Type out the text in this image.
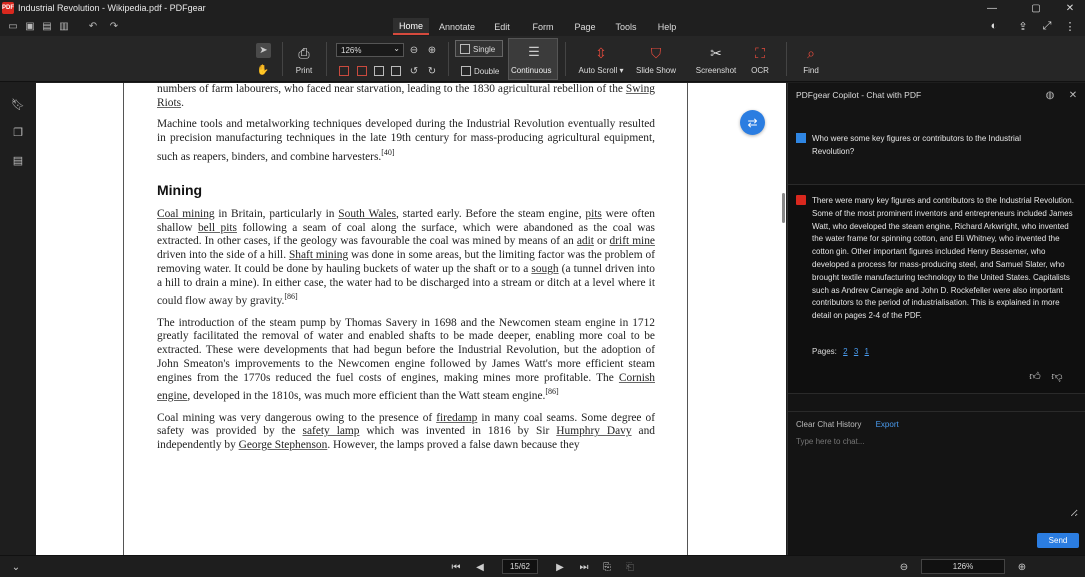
PDF Industrial Revolution - Wikipedia.pdf - PDFgear	—	▢	✕
▭ ▣ ▤ ▥ ↶ ↷	Home	Annotate	Edit	Form	Page	Tools	Help	◐	⇪ ⤢ ⋮
➤
✋
⎙
Print
126%	⌄ ⊖ ⊕
↺ ↻
Single
Double
☰
Continuous
⇳
Auto Scroll ▾
⛉
Slide Show
✂
Screenshot
⛶
OCR
⌕
Find
🔖︎
❐
▤

numbers of farm labourers, who faced near starvation, leading to the 1830 agricultural rebellion of the Swing Riots.

Machine tools and metalworking techniques developed during the Industrial Revolution eventually resulted in precision manufacturing techniques in the late 19th century for mass-producing agricultural equipment, such as reapers, binders, and combine harvesters.[40]

Mining

Coal mining in Britain, particularly in South Wales, started early. Before the steam engine, pits were often shallow bell pits following a seam of coal along the surface, which were abandoned as the coal was extracted. In other cases, if the geology was favourable the coal was mined by means of an adit or drift mine driven into the side of a hill. Shaft mining was done in some areas, but the limiting factor was the problem of removing water. It could be done by hauling buckets of water up the shaft or to a sough (a tunnel driven into a hill to drain a mine). In either case, the water had to be discharged into a stream or ditch at a level where it could flow away by gravity.[86]

The introduction of the steam pump by Thomas Savery in 1698 and the Newcomen steam engine in 1712 greatly facilitated the removal of water and enabled shafts to be made deeper, enabling more coal to be extracted. These were developments that had begun before the Industrial Revolution, but the adoption of John Smeaton's improvements to the Newcomen engine followed by James Watt's more efficient steam engines from the 1770s reduced the fuel costs of engines, making mines more profitable. The Cornish engine, developed in the 1810s, was much more efficient than the Watt steam engine.[86]

Coal mining was very dangerous owing to the presence of firedamp in many coal seams. Some degree of safety was provided by the safety lamp which was invented in 1816 by Sir Humphry Davy and independently by George Stephenson. However, the lamps proved a false dawn because they

⇄
PDFgear Copilot - Chat with PDF	◍ ✕
Who were some key figures or contributors to the Industrial Revolution?
There were many key figures and contributors to the Industrial Revolution. Some of the most prominent inventors and entrepreneurs included James Watt, who developed the steam engine, Richard Arkwright, who invented the water frame for spinning cotton, and Eli Whitney, who invented the cotton gin. Other important figures included Henry Bessemer, who developed a process for mass-producing steel, and Samuel Slater, who brought textile manufacturing technology to the United States. Capitalists such as Andrew Carnegie and John D. Rockefeller were also important contributors to the period of industrialisation. This is explained in more detail on pages 2-4 of the PDF.
Pages: 2 3 1
👍︎ 👎︎
Clear Chat History Export
Type here to chat...
Send
⌄	⏮︎	◀	15/62	▶	⏭︎	⎘	⎗	⊖	126%	⊕
